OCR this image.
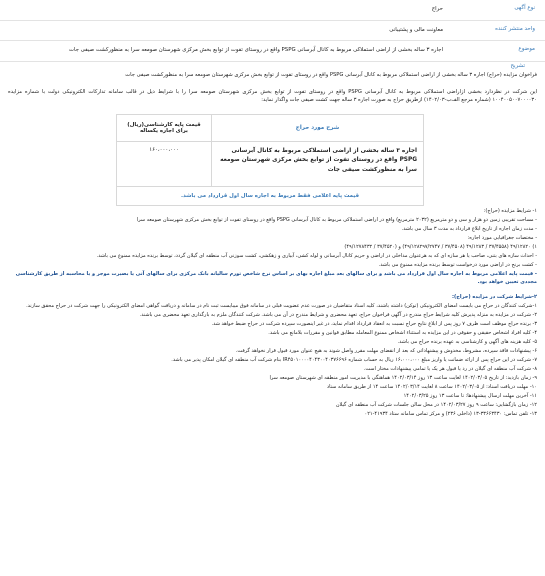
نوع آگهی
حراج
واحد منتشر کننده
معاونت مالی و پشتیبانی
موضوع
اجاره ۳ ساله بخشی از اراضی استملاکی مربوط به کانال آبرسانی PSPG واقع در روستای تفوت از توابع بخش مرکزی شهرستان صومعه سرا به منظورکشت صیفی جات
تشریح
فراخوان مزایده (حراج) اجاره ۳ ساله بخشی از اراضی استملاکی مربوط به کانال آبرسانی PSPG واقع در روستای تفوت از توابع بخش مرکزی شهرستان صومعه سرا به منظورکشت صیفی جات
این شرکت در نظردارد بخشی ازاراضی استملاکی مربوط به کانال آبرسانی PSPG واقع در روستای تفوت از توابع بخش مرکزی شهرستان صومعه سرا را با شرایط ذیل در قالب سامانه تدارکات الکترونیکی دولت با شماره مزایده ۱۰۰۴۰۰۵۰۰۷۰۰۰۰۳۰ (شماره مرجع الف‌ب-۱۴۰۲/۰۳) ازطریق حراج به صورت اجاره ۳ ساله جهت کشت صیفی جات واگذار نماید:
شرح مورد حراج
قیمت پایه کارشناسی(ریال) برای اجاره یکساله
اجاره ۳ ساله بخشی از اراضی استملاکی مربوط به کانال آبرسانی PSPG واقع در روستای تفوت از توابع بخش مرکزی شهرستان صومعه سرا به منظورکشت صیفی جات
۱۶۰،۰۰۰،۰۰۰
قیمت پایه اعلامی فقط مربوط به اجاره سال اول قرارداد می باشد.

۱- شرایط مزایده (حراج):

- مساحت تقریبی زمین دو هزار و سی و دو مترمربع (۲۰۳۲ مترمربع) واقع در اراضی استملاکی مربوط به کانال آبرسانی PSPG واقع در روستای تفوت از توابع بخش مرکزی شهرستان صومعه سرا

- مدت زمان اجاره از تاریخ ابلاغ قرارداد به مدت ۳ سال می باشد.

- مختصات جغرافیایی مورد اجاره:

۱) ۴۹/۱۲۸۲۰ (۳۷/۴۵۵۸ / ۴۹/۱۲۸۳ (۳۷/۴۵۰۸ / ۴۹/۱۲۸۲۹۷/۲۷۴۷) و (۳۷/۴۵۲۰ / ۴۹/۱۲۷۸۴۳۲)

- احداث سازه های بتنی، صاحب یا هر سازه ای که به هرعنوان مداخلی در اراضی و حریم کانال آبرسانی و لوله کشی، آبیاری و زهکشی، کشت سوزنی آب منطقه ای گیلان گردد، توسط برنده مزایده ممنوع می باشد.

- کشت برنج در اراضی مورد درخواست توسط برنده مزایده ممنوع می باشد.

- قیمت پایه اعلامی مربوط به اجاره سال اول قرارداد می باشد و برای سالهای بعد مبلغ اجاره بهای بر اساس نرخ شاخص تورم سالیانه بانک مرکزی برای سالهای آتی یا بصیرت موجر و یا محاسبه از طریق کارشناسی مجددی تعیین خواهد بود.

۲-شرایط شرکت در مزایده (حراج):

۱-شرکت کنندگان در حراج می بایست امضای الکترونیکی (توکن) داشته باشند، کلیه اسناد متقاضیان در صورت عدم عضویت قبلی در سامانه فوق میبایست ثبت نام در سامانه و دریافت گواهی امضای الکترونیکی را جهت شرکت در حراج محقق سازند.

۲- شرکت در مزایده به منزله پذیرش کلیه شرایط حراج مندرج در آگهی فراخوان حراج، تعهد محضری و شرایط مندرج در آن می باشد. شرکت کنندگان ملزم به بارگذاری تعهد محضری می باشند.

۳- برنده حراج موظف است ظرف ۷ روز پس از ابلاغ نتایج حراج نسبت به انعقاد قرارداد اقدام نماید، در غیر اینصورت سپرده شرکت در حراج ضبط خواهد شد.

۴- کلیه افراد اشخاص حقیقی و حقوقی در این مزایده به استثناء اشخاص ممنوع المعامله مطابق قوانین و مقررات بلامانع می باشد.

۵- کلیه هزینه های آگهی و کارشناسی به عهده برنده حراج می باشد.

۶- پیشنهادات فاقد سپرده، مشروط، مخدوش و پیشنهاداتی که بعد از انقضای مهلت مقرر واصل شوند به هیچ عنوان مورد قبول قرار نخواهد گرفت.

۷- شرکت در این حراج پس از ارائه ضمانت یا واریز مبلغ ۱۶،۰۰۰،۰۰۰ ریال به حساب شماره IR۴۵۰۱۰۰۰۰۴۰۴۳۰۰۴۰۳۷۶۶۹۶ بنام شرکت آب منطقه ای گیلان امکان پذیر می باشد.

۸- شرکت آب منطقه ای گیلان در رد یا قبول هر یک یا تمامی پیشنهادات مختار است.

۹- زمان بازدید: از تاریخ ۱۴۰۲/۰۳/۰۵ لغایت ساعت ۱۳ روز ۱۴۰۲/۰۳/۱۴ هماهنگی با مدیریت امور منطقه ای شهرستان صومعه سرا

۱۰- مهلت دریافت اسناد: از ۱۴۰۲/۰۳/۰۵ ساعت ۸ لغایت ۱۴۰۲/۰۳/۱۴ ساعت ۱۴ از طریق سامانه ستاد

۱۱- آخرین مهلت ارسال پیشنهادها: تا ساعت ۱۳ روز ۱۴۰۲/۰۳/۲۵

۱۲- زمان بازگشایی: ساعت ۹ روز ۱۴۰۲/۰۳/۲۷ در محل سالن جلسات شرکت آب منطقه ای گیلان

۱۳- تلفن تماس: ۳۳۶۶۳۴۳۰-۱۳ (داخلی ۲۳۶) و مرکز تماس سامانه ستاد ۴۱۹۳۴-۰۲۱
